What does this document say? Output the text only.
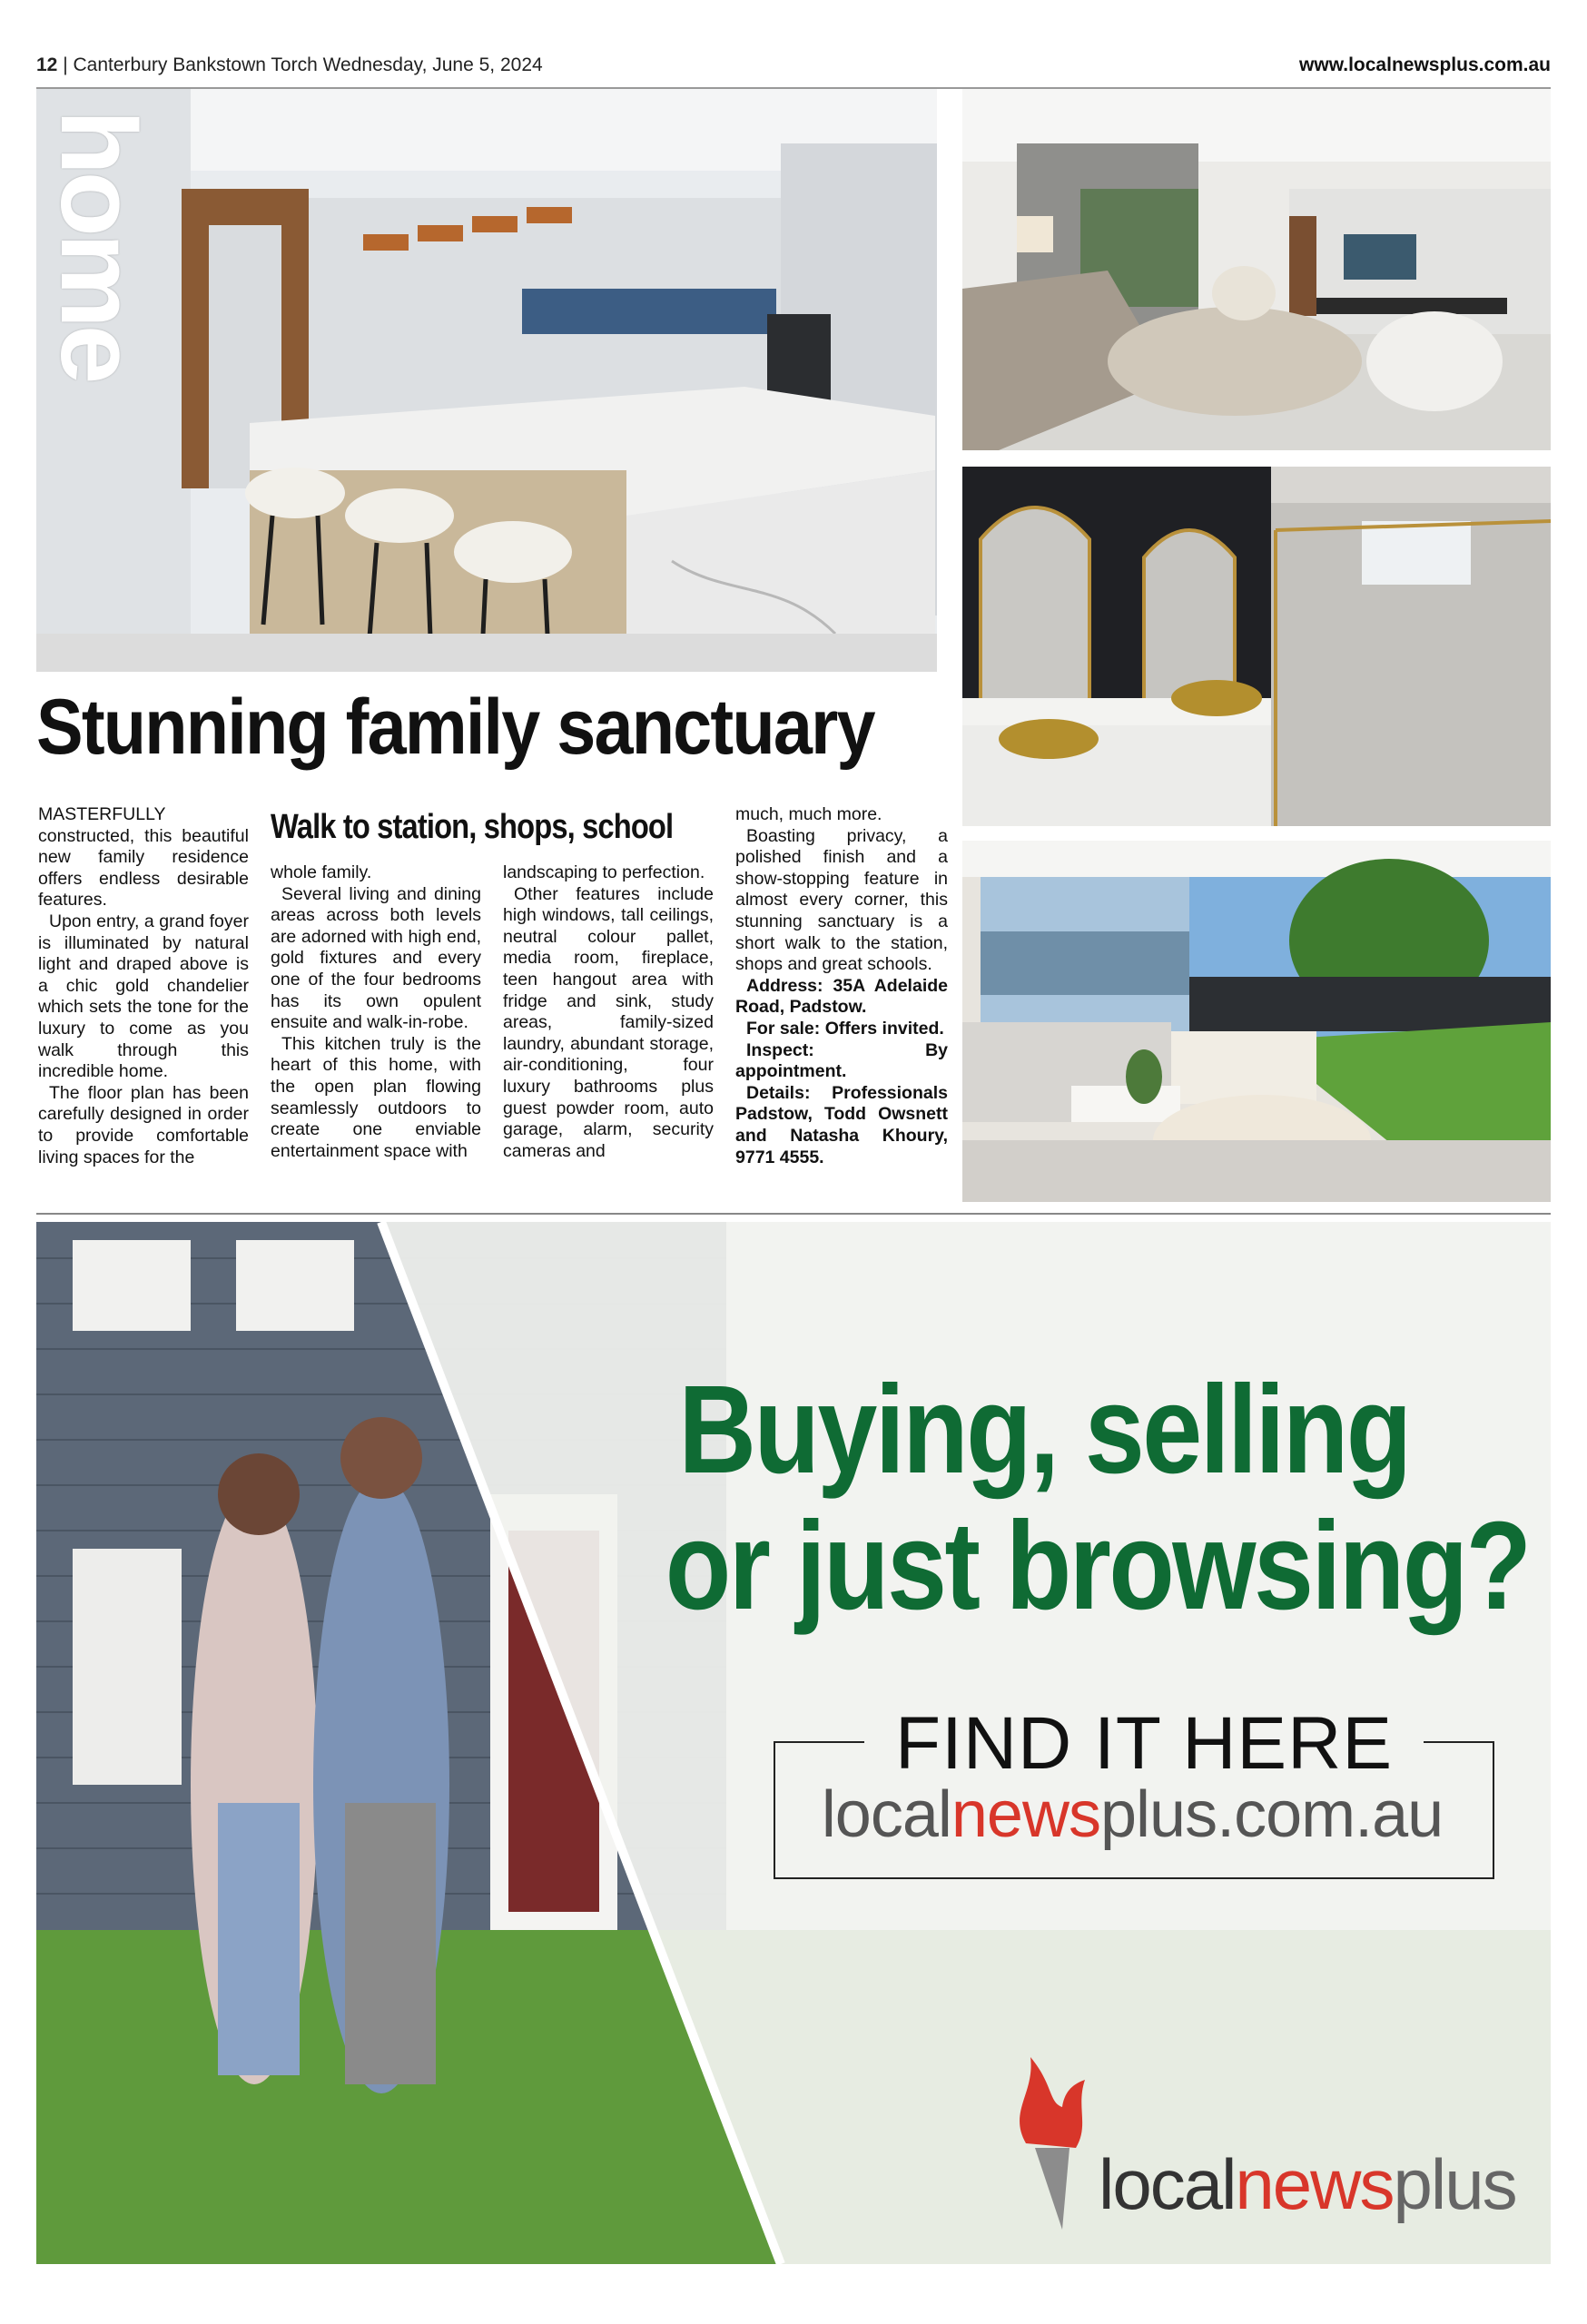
12 | Canterbury Bankstown Torch Wednesday, June 5, 2024	www.localnewsplus.com.au
home
Stunning family sanctuary
Walk to station, shops, school

MASTERFULLY constructed, this beautiful new family residence offers endless desirable features.

Upon entry, a grand foyer is illuminated by natural light and draped above is a chic gold chandelier which sets the tone for the luxury to come as you walk through this incredible home.

The floor plan has been carefully designed in order to provide comfortable living spaces for the

whole family.

Several living and dining areas across both levels are adorned with high end, gold fixtures and every one of the four bedrooms has its own opulent ensuite and walk-in-robe.

This kitchen truly is the heart of this home, with the open plan flowing seamlessly outdoors to create one enviable entertainment space with

landscaping to perfection.

Other features include high windows, tall ceilings, neutral colour pallet, media room, fireplace, teen hangout area with fridge and sink, study areas, family-sized laundry, abundant storage, air-conditioning, four luxury bathrooms plus guest powder room, auto garage, alarm, security cameras and

much, much more.

Boasting privacy, a polished finish and a show-stopping feature in almost every corner, this stunning sanctuary is a short walk to the station, shops and great schools.

Address: 35A Adelaide Road, Padstow.

For sale: Offers invited.

Inspect: By appointment.

Details: Professionals Padstow, Todd Owsnett and Natasha Khoury, 9771 4555.

Buying, selling
or just browsing?
FIND IT HERE
localnewsplus.com.au
localnewsplus
